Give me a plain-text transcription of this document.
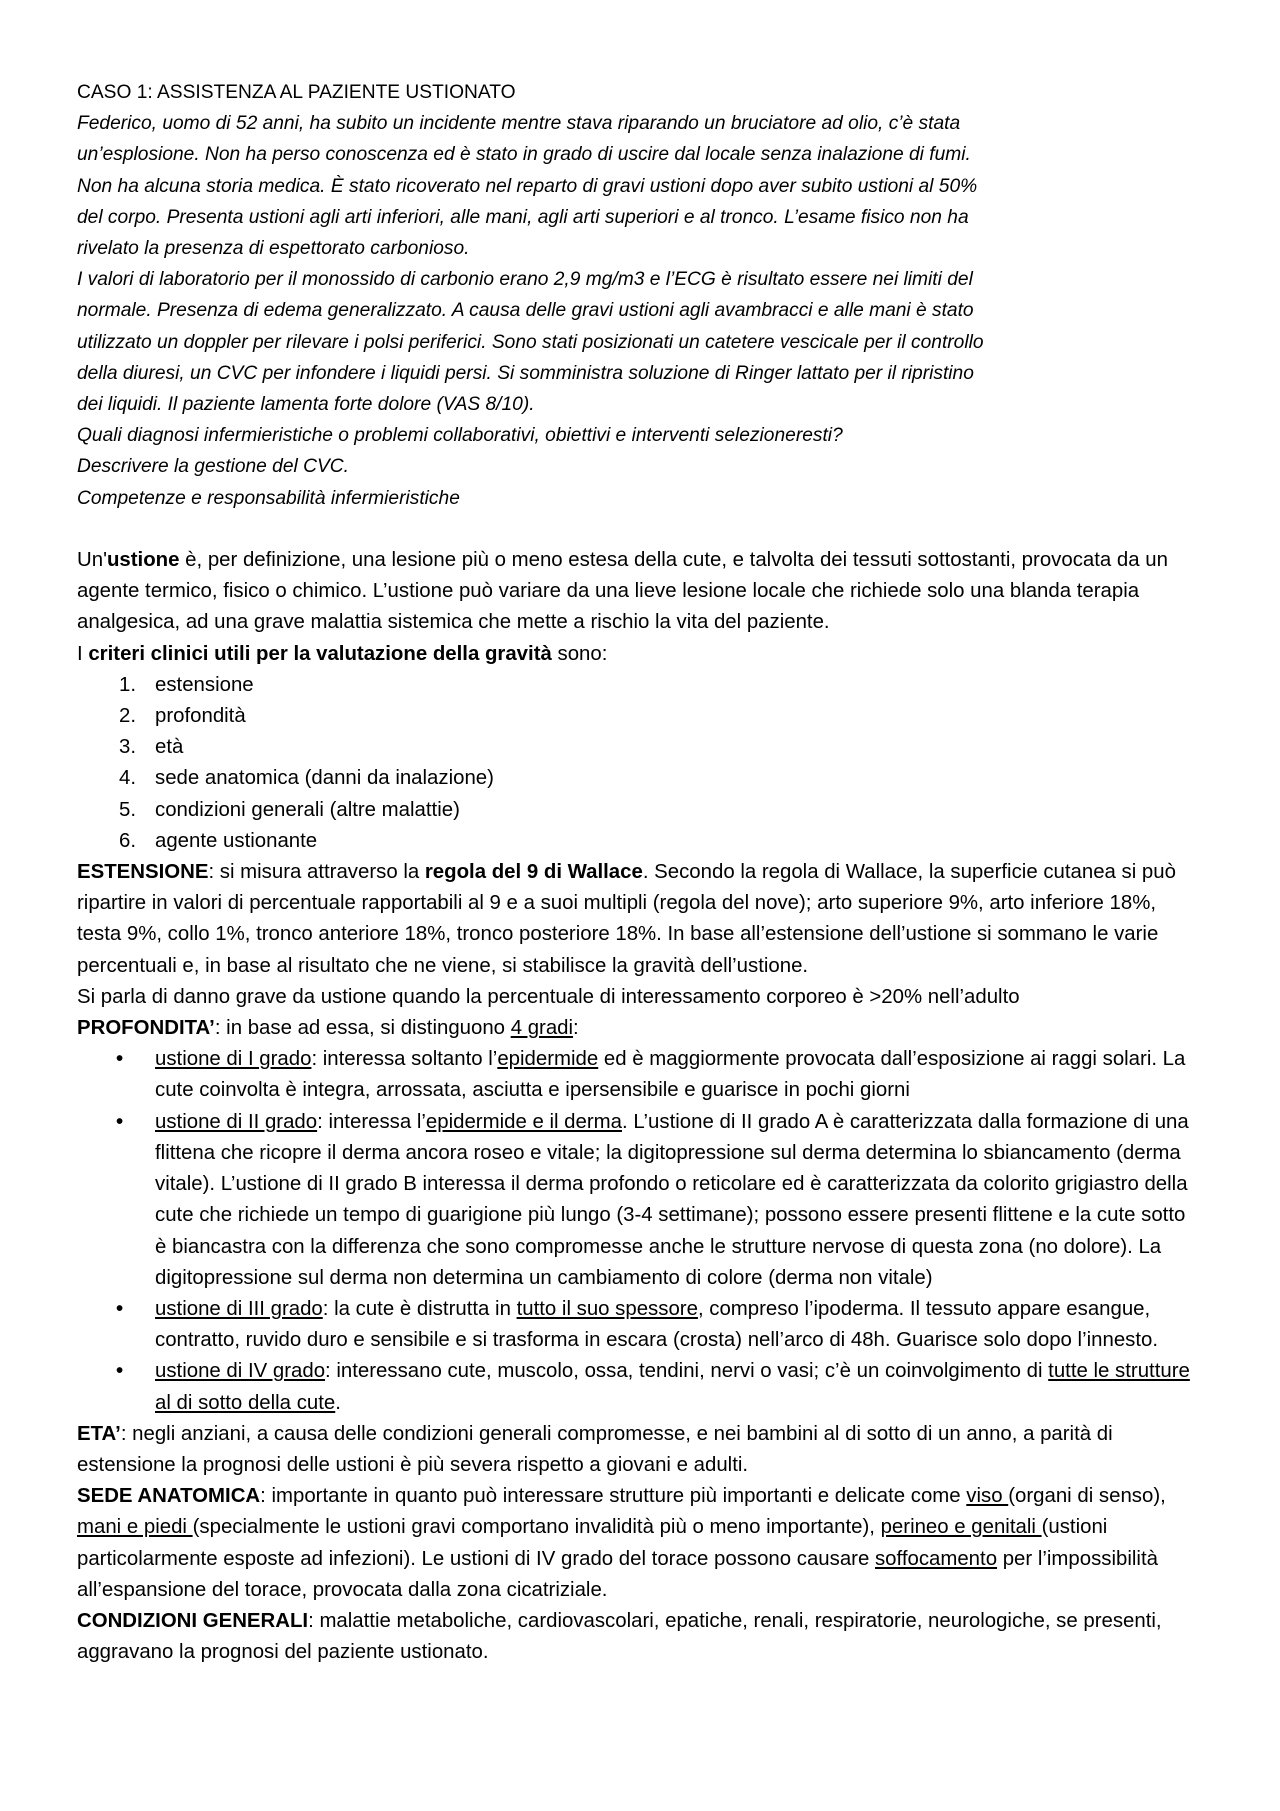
CASO 1: ASSISTENZA AL PAZIENTE USTIONATO

Federico, uomo di 52 anni, ha subito un incidente mentre stava riparando un bruciatore ad olio, c’è stata

un’esplosione. Non ha perso conoscenza ed è stato in grado di uscire dal locale senza inalazione di fumi.

Non ha alcuna storia medica. È stato ricoverato nel reparto di gravi ustioni dopo aver subito ustioni al 50%

del corpo. Presenta ustioni agli arti inferiori, alle mani, agli arti superiori e al tronco. L’esame fisico non ha

rivelato la presenza di espettorato carbonioso.

I valori di laboratorio per il monossido di carbonio erano 2,9 mg/m3 e l’ECG è risultato essere nei limiti del

normale. Presenza di edema generalizzato. A causa delle gravi ustioni agli avambracci e alle mani è stato

utilizzato un doppler per rilevare i polsi periferici. Sono stati posizionati un catetere vescicale per il controllo

della diuresi, un CVC per infondere i liquidi persi. Si somministra soluzione di Ringer lattato per il ripristino

dei liquidi. Il paziente lamenta forte dolore (VAS 8/10).

Quali diagnosi infermieristiche o problemi collaborativi, obiettivi e interventi selezioneresti?

Descrivere la gestione del CVC.

Competenze e responsabilità infermieristiche

Un'ustione è, per definizione, una lesione più o meno estesa della cute, e talvolta dei tessuti sottostanti, provocata da un agente termico, fisico o chimico. L’ustione può variare da una lieve lesione locale che richiede solo una blanda terapia analgesica, ad una grave malattia sistemica che mette a rischio la vita del paziente.

I criteri clinici utili per la valutazione della gravità sono:

1. estensione
2. profondità
3. età
4. sede anatomica (danni da inalazione)
5. condizioni generali (altre malattie)
6. agente ustionante

ESTENSIONE: si misura attraverso la regola del 9 di Wallace. Secondo la regola di Wallace, la superficie cutanea si può ripartire in valori di percentuale rapportabili al 9 e a suoi multipli (regola del nove); arto superiore 9%, arto inferiore 18%, testa 9%, collo 1%, tronco anteriore 18%, tronco posteriore 18%. In base all’estensione dell’ustione si sommano le varie percentuali e, in base al risultato che ne viene, si stabilisce la gravità dell’ustione.

Si parla di danno grave da ustione quando la percentuale di interessamento corporeo è >20% nell’adulto

PROFONDITA’: in base ad essa, si distinguono 4 gradi:

• ustione di I grado: interessa soltanto l’epidermide ed è maggiormente provocata dall’esposizione ai raggi solari. La cute coinvolta è integra, arrossata, asciutta e ipersensibile e guarisce in pochi giorni
• ustione di II grado: interessa l’epidermide e il derma. L’ustione di II grado A è caratterizzata dalla formazione di una flittena che ricopre il derma ancora roseo e vitale; la digitopressione sul derma determina lo sbiancamento (derma vitale). L’ustione di II grado B interessa il derma profondo o reticolare ed è caratterizzata da colorito grigiastro della cute che richiede un tempo di guarigione più lungo (3-4 settimane); possono essere presenti flittene e la cute sotto è biancastra con la differenza che sono compromesse anche le strutture nervose di questa zona (no dolore). La digitopressione sul derma non determina un cambiamento di colore (derma non vitale)
• ustione di III grado: la cute è distrutta in tutto il suo spessore, compreso l’ipoderma. Il tessuto appare esangue, contratto, ruvido duro e sensibile e si trasforma in escara (crosta) nell’arco di 48h. Guarisce solo dopo l’innesto.
• ustione di IV grado: interessano cute, muscolo, ossa, tendini, nervi o vasi; c’è un coinvolgimento di tutte le strutture al di sotto della cute.

ETA’: negli anziani, a causa delle condizioni generali compromesse, e nei bambini al di sotto di un anno, a parità di estensione la prognosi delle ustioni è più severa rispetto a giovani e adulti.

SEDE ANATOMICA: importante in quanto può interessare strutture più importanti e delicate come viso (organi di senso), mani e piedi (specialmente le ustioni gravi comportano invalidità più o meno importante), perineo e genitali (ustioni particolarmente esposte ad infezioni). Le ustioni di IV grado del torace possono causare soffocamento per l’impossibilità all’espansione del torace, provocata dalla zona cicatriziale.

CONDIZIONI GENERALI: malattie metaboliche, cardiovascolari, epatiche, renali, respiratorie, neurologiche, se presenti, aggravano la prognosi del paziente ustionato.
